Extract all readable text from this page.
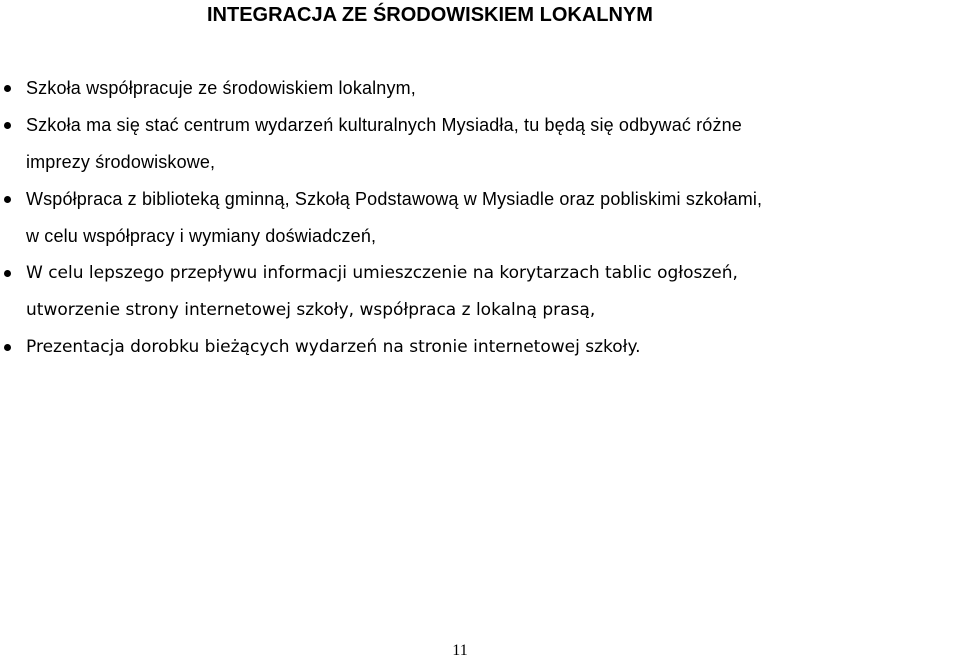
INTEGRACJA ZE ŚRODOWISKIEM LOKALNYM
Szkoła współpracuje ze środowiskiem lokalnym,
Szkoła ma się stać centrum wydarzeń kulturalnych Mysiadła, tu będą się odbywać różne
imprezy środowiskowe,
Współpraca z biblioteką gminną, Szkołą Podstawową w Mysiadle oraz pobliskimi szkołami,
w celu współpracy i wymiany doświadczeń,
W celu lepszego przepływu informacji umieszczenie na korytarzach tablic ogłoszeń,
utworzenie strony internetowej szkoły, współpraca z lokalną prasą,
Prezentacja dorobku bieżących wydarzeń na stronie internetowej szkoły.
11
